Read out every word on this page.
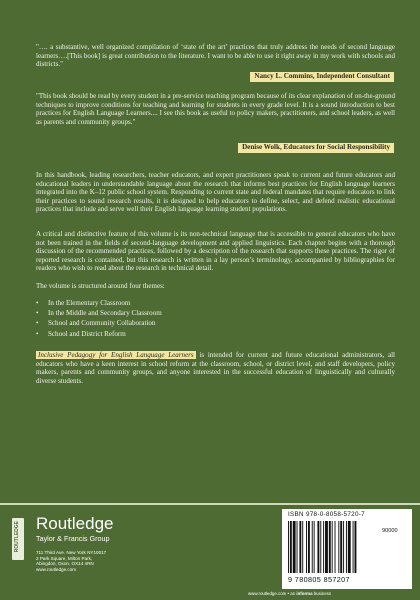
"…. a substantive, well organized compilation of ‘state of the art’ practices that truly address the needs of second language learners….[This book] is great contribution to the literature. I want to be able to use it right away in my work with schools and districts."

Nancy L. Commins, Independent Consultant

"This book should be read by every student in a pre-service teaching program because of its clear explanation of on-the-ground techniques to improve conditions for teaching and learning for students in every grade level. It is a sound introduction to best practices for English Language Learners.... I see this book as useful to policy makers, practitioners, and school leaders, as well as parents and community groups."

Denise Wolk, Educators for Social Responsibility

In this handbook, leading researchers, teacher educators, and expert practitioners speak to current and future educators and educational leaders in understandable language about the research that informs best practices for English language learners integrated into the K–12 public school system. Responding to current state and federal mandates that require educators to link their practices to sound research results, it is designed to help educators to define, select, and defend realistic educational practices that include and serve well their English language learning student populations.

A critical and distinctive feature of this volume is its non-technical language that is accessible to general educators who have not been trained in the fields of second-language development and applied linguistics. Each chapter begins with a thorough discussion of the recommended practices, followed by a description of the research that supports these practices. The rigor of reported research is contained, but this research is written in a lay person’s terminology, accompanied by bibliographies for readers who wish to read about the research in technical detail.

The volume is structured around four themes:

• In the Elementary Classroom
• In the Middle and Secondary Classroom
• School and Community Collaboration
• School and District Reform

Inclusive Pedagogy for English Language Learners is intended for current and future educational administrators, all educators who have a keen interest in school reform at the classroom, school, or district level, and staff developers, policy makers, parents and community groups, and anyone interested in the successful education of linguistically and culturally diverse students.

ROUTLEDGE Routledge
Taylor & Francis Group
711 Third Ave. New York NY10017
2 Park Square, Milton Park,
Abingdon, Oxon, OX14 4RN
www.routledge.com
ISBN 978-0-8058-5720-7
90000
9 780805 857207
www.routledge.com • an informa business
